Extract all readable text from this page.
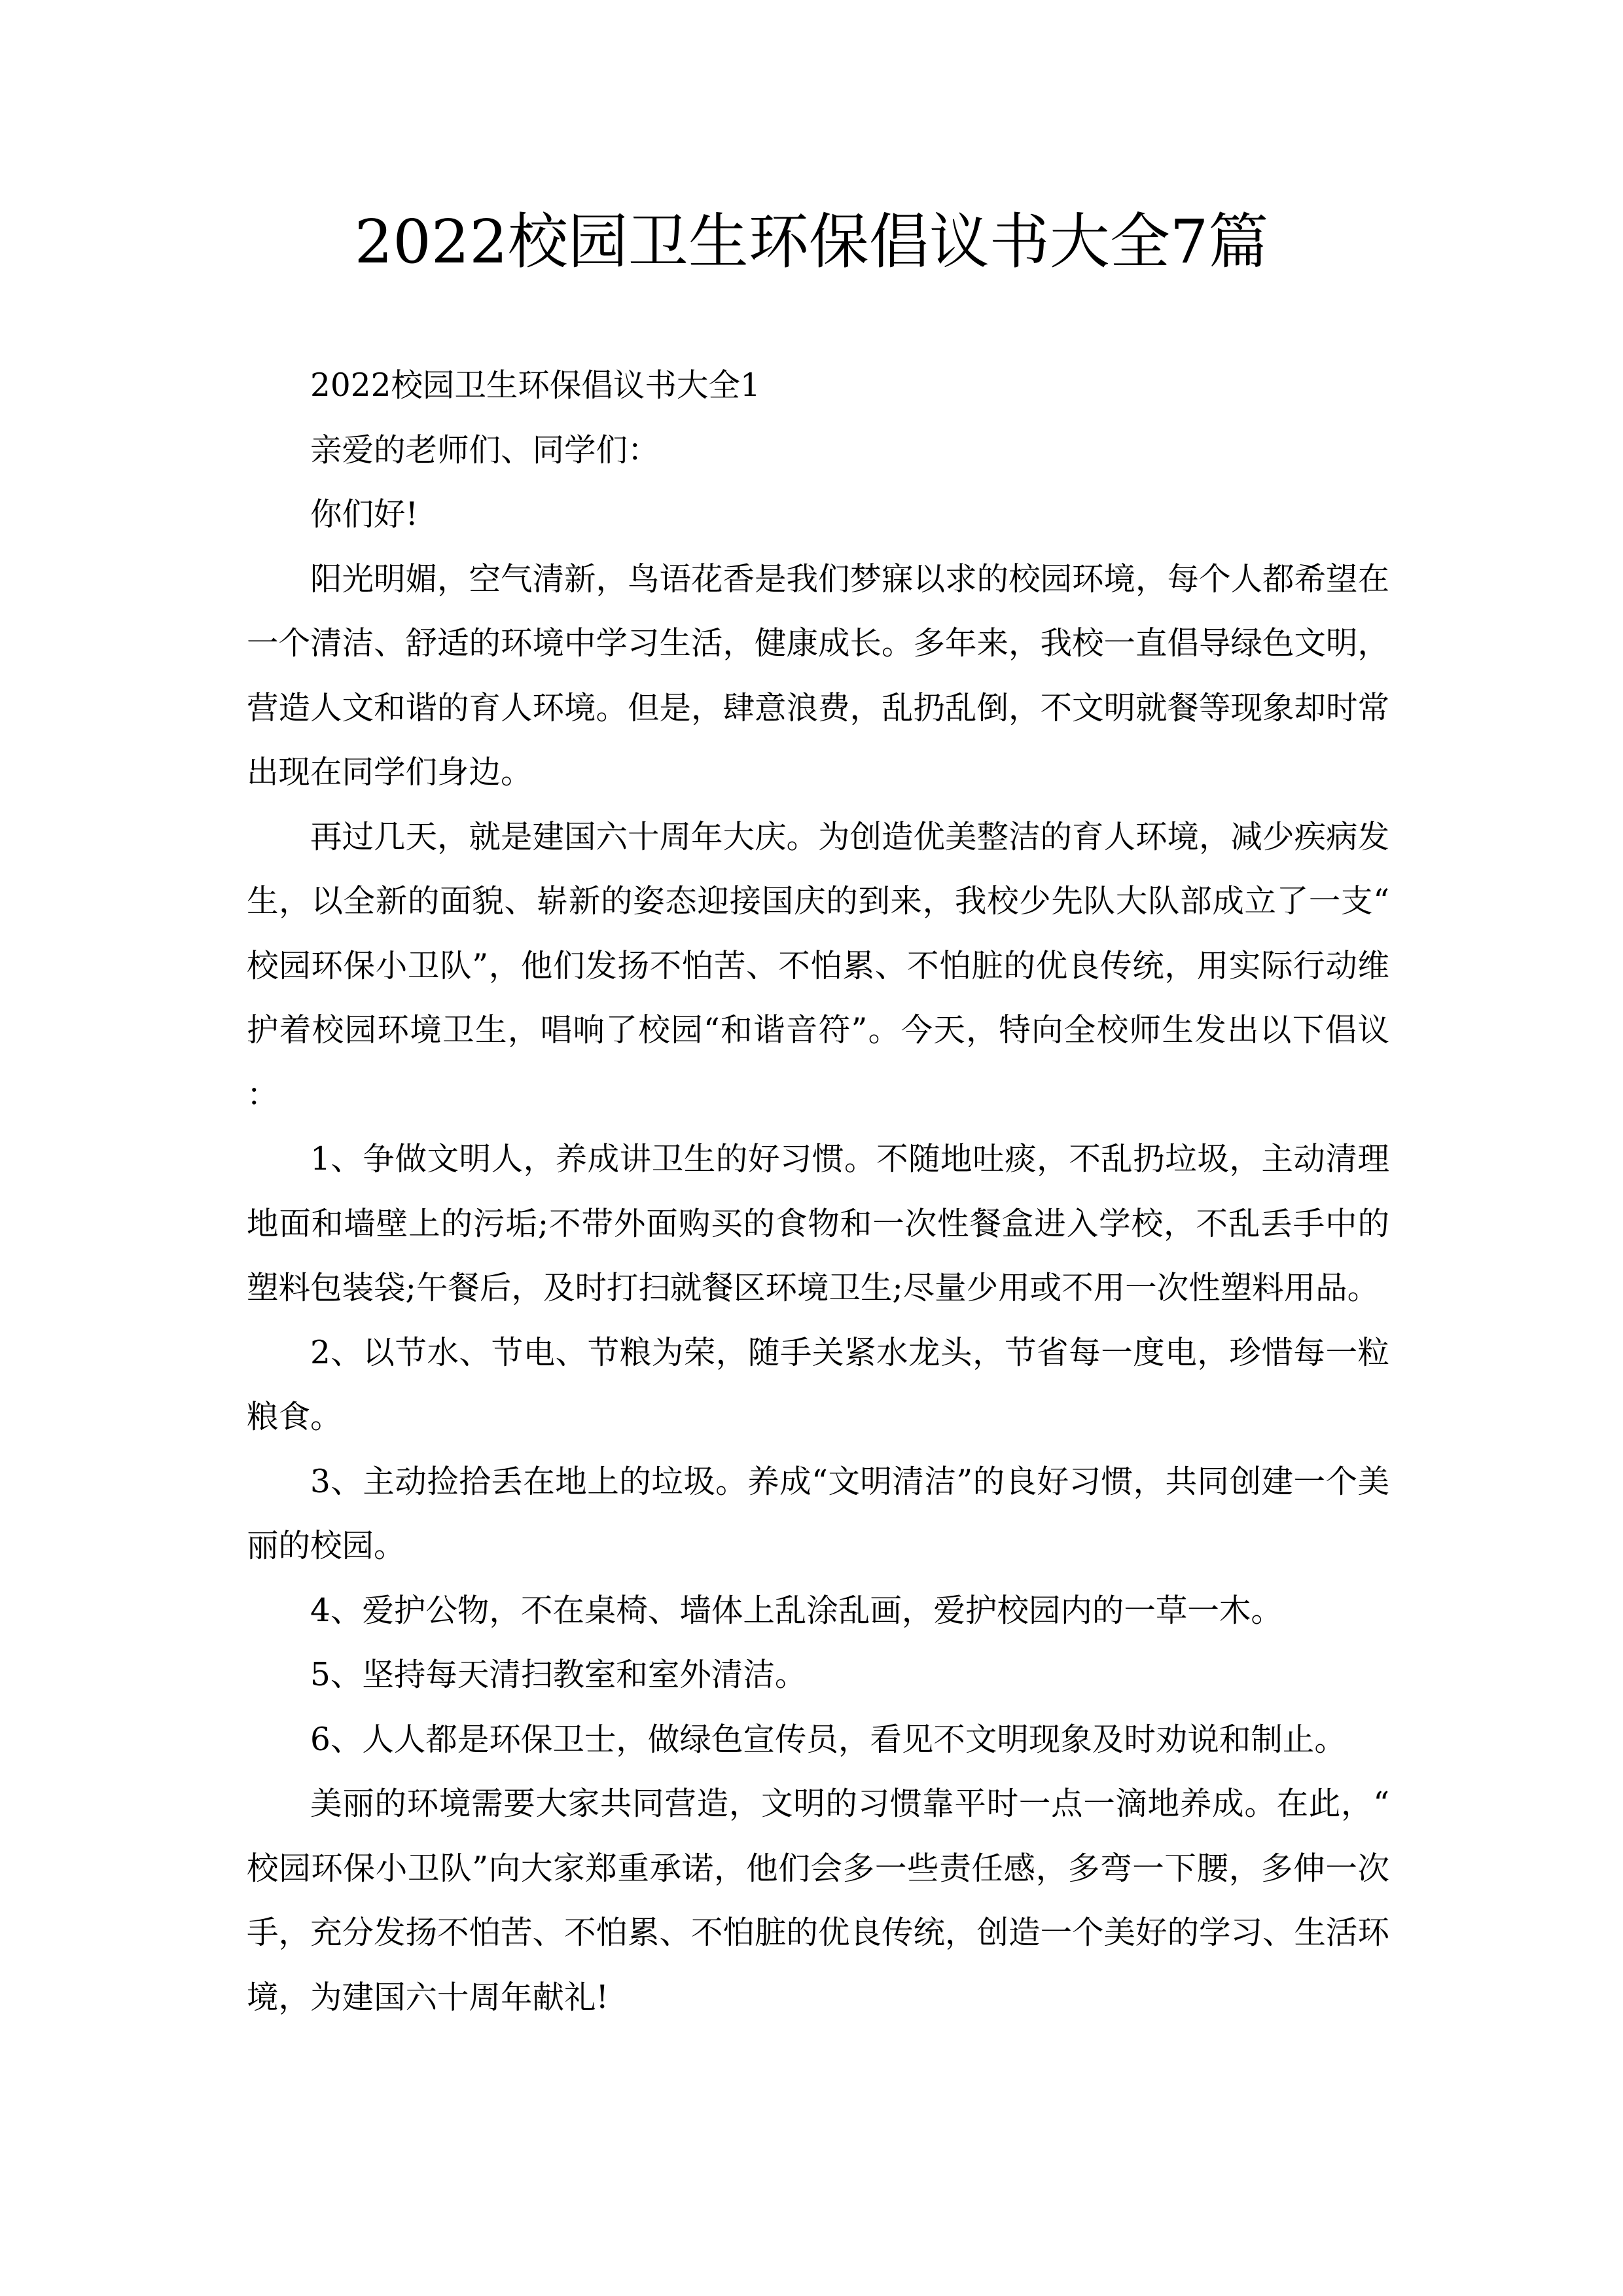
2022校园卫生环保倡议书大全7篇

2022校园卫生环保倡议书大全1

亲爱的老师们、同学们：

你们好!

阳光明媚，空气清新，鸟语花香是我们梦寐以求的校园环境，每个人都希望在一个清洁、舒适的环境中学习生活，健康成长。多年来，我校一直倡导绿色文明，营造人文和谐的育人环境。但是，肆意浪费，乱扔乱倒，不文明就餐等现象却时常出现在同学们身边。

再过几天，就是建国六十周年大庆。为创造优美整洁的育人环境，减少疾病发生，以全新的面貌、崭新的姿态迎接国庆的到来，我校少先队大队部成立了一支“校园环保小卫队”，他们发扬不怕苦、不怕累、不怕脏的优良传统，用实际行动维护着校园环境卫生，唱响了校园“和谐音符”。今天，特向全校师生发出以下倡议：

1、争做文明人，养成讲卫生的好习惯。不随地吐痰，不乱扔垃圾，主动清理地面和墙壁上的污垢;不带外面购买的食物和一次性餐盒进入学校，不乱丢手中的塑料包装袋;午餐后，及时打扫就餐区环境卫生;尽量少用或不用一次性塑料用品。

2、以节水、节电、节粮为荣，随手关紧水龙头，节省每一度电，珍惜每一粒粮食。

3、主动捡拾丢在地上的垃圾。养成“文明清洁”的良好习惯，共同创建一个美丽的校园。

4、爱护公物，不在桌椅、墙体上乱涂乱画，爱护校园内的一草一木。

5、坚持每天清扫教室和室外清洁。

6、人人都是环保卫士，做绿色宣传员，看见不文明现象及时劝说和制止。

美丽的环境需要大家共同营造，文明的习惯靠平时一点一滴地养成。在此，“校园环保小卫队”向大家郑重承诺，他们会多一些责任感，多弯一下腰，多伸一次手，充分发扬不怕苦、不怕累、不怕脏的优良传统，创造一个美好的学习、生活环境，为建国六十周年献礼!
